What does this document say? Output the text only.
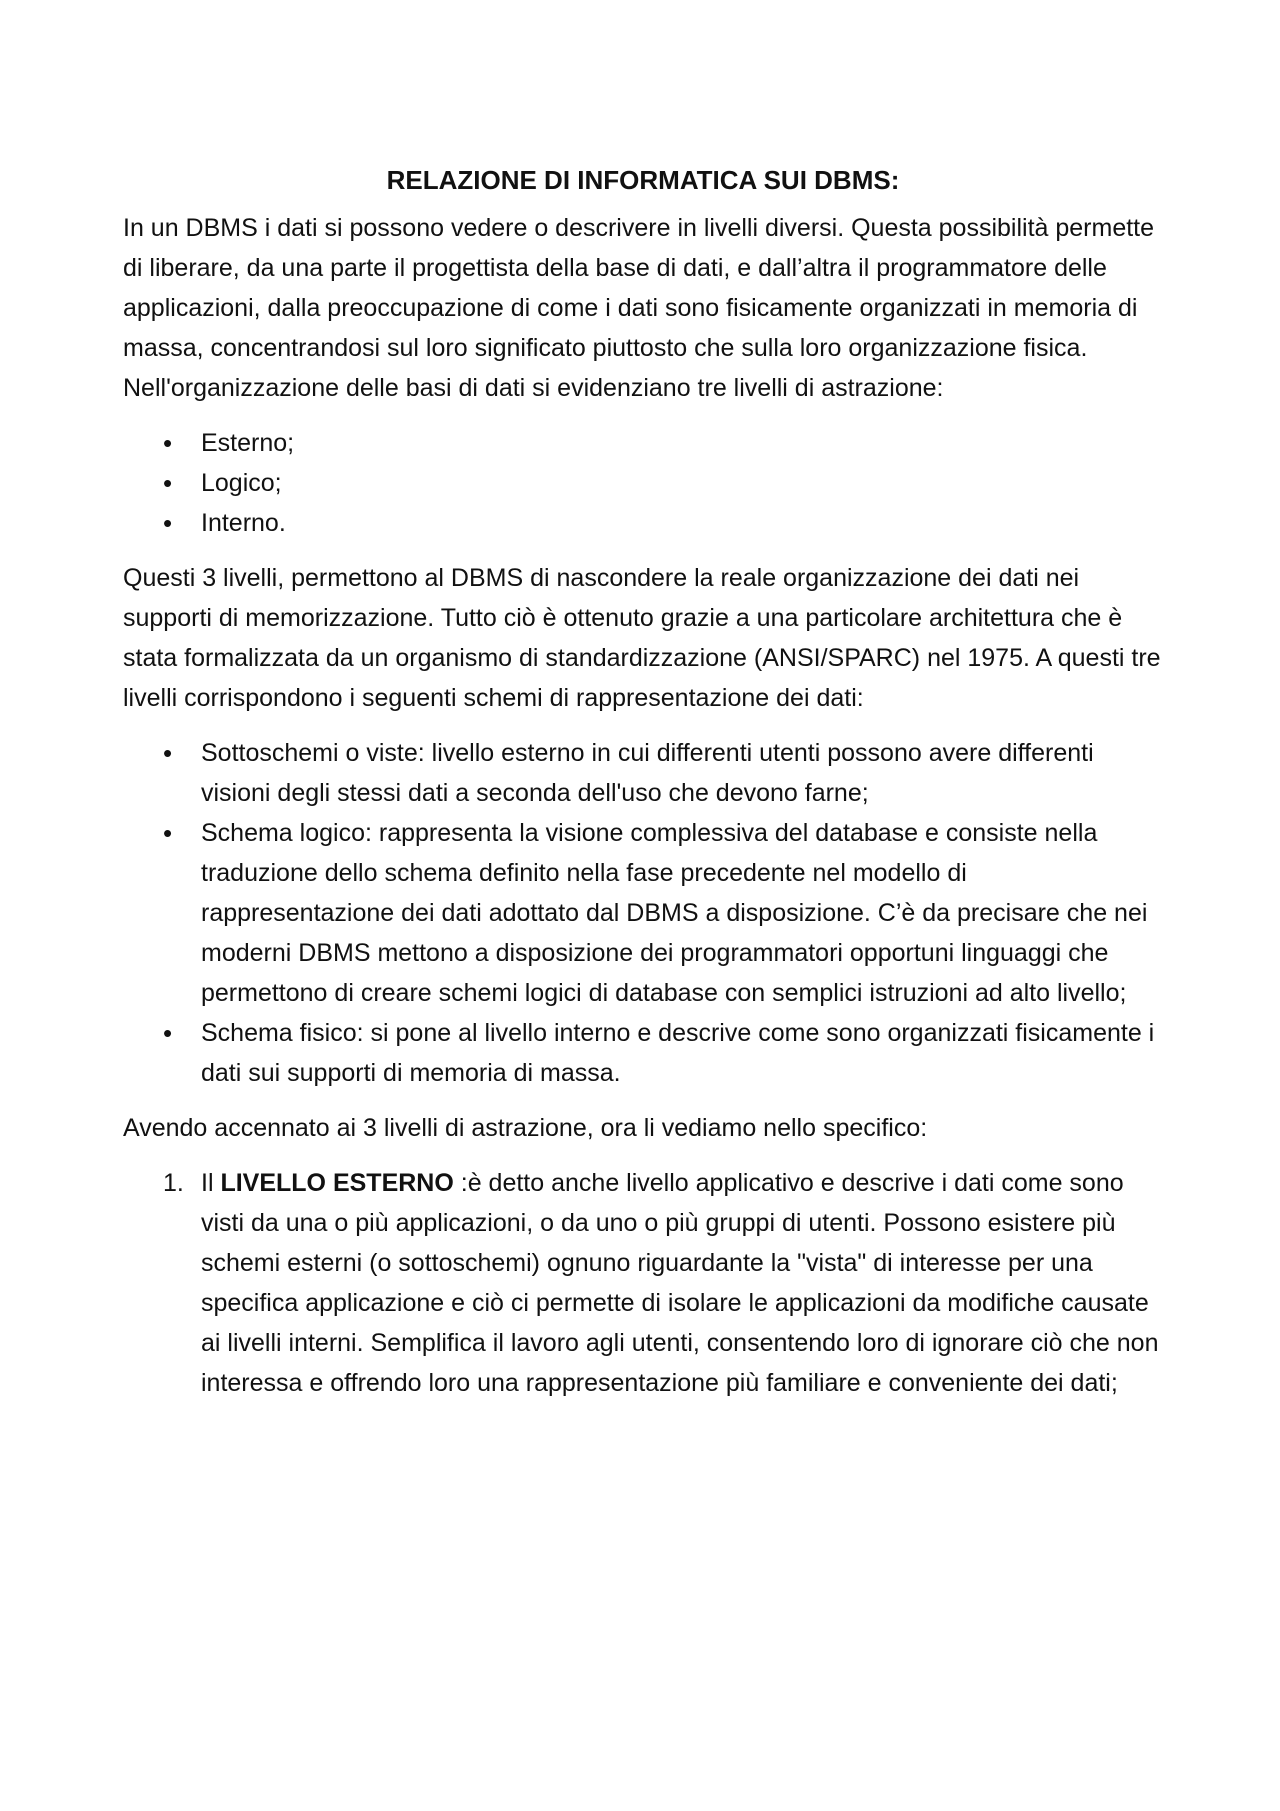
RELAZIONE DI INFORMATICA SUI DBMS:

In un DBMS i dati si possono vedere o descrivere in livelli diversi. Questa possibilità permette di liberare, da una parte il progettista della base di dati, e dall’altra il programmatore delle applicazioni, dalla preoccupazione di come i dati sono fisicamente organizzati in memoria di massa, concentrandosi sul loro significato piuttosto che sulla loro organizzazione fisica. Nell'organizzazione delle basi di dati si evidenziano tre livelli di astrazione:

• Esterno;
• Logico;
• Interno.

Questi 3 livelli, permettono al DBMS di nascondere la reale organizzazione dei dati nei supporti di memorizzazione. Tutto ciò è ottenuto grazie a una particolare architettura che è stata formalizzata da un organismo di standardizzazione (ANSI/SPARC) nel 1975. A questi tre livelli corrispondono i seguenti schemi di rappresentazione dei dati:

• Sottoschemi o viste: livello esterno in cui differenti utenti possono avere differenti visioni degli stessi dati a seconda dell'uso che devono farne;
• Schema logico: rappresenta la visione complessiva del database e consiste nella traduzione dello schema definito nella fase precedente nel modello di rappresentazione dei dati adottato dal DBMS a disposizione. C’è da precisare che nei moderni DBMS mettono a disposizione dei programmatori opportuni linguaggi che permettono di creare schemi logici di database con semplici istruzioni ad alto livello;
• Schema fisico: si pone al livello interno e descrive come sono organizzati fisicamente i dati sui supporti di memoria di massa.

Avendo accennato ai 3 livelli di astrazione, ora li vediamo nello specifico:

1. Il LIVELLO ESTERNO :è detto anche livello applicativo e descrive i dati come sono visti da una o più applicazioni, o da uno o più gruppi di utenti. Possono esistere più schemi esterni (o sottoschemi) ognuno riguardante la "vista" di interesse per una specifica applicazione e ciò ci permette di isolare le applicazioni da modifiche causate ai livelli interni. Semplifica il lavoro agli utenti, consentendo loro di ignorare ciò che non interessa e offrendo loro una rappresentazione più familiare e conveniente dei dati;
